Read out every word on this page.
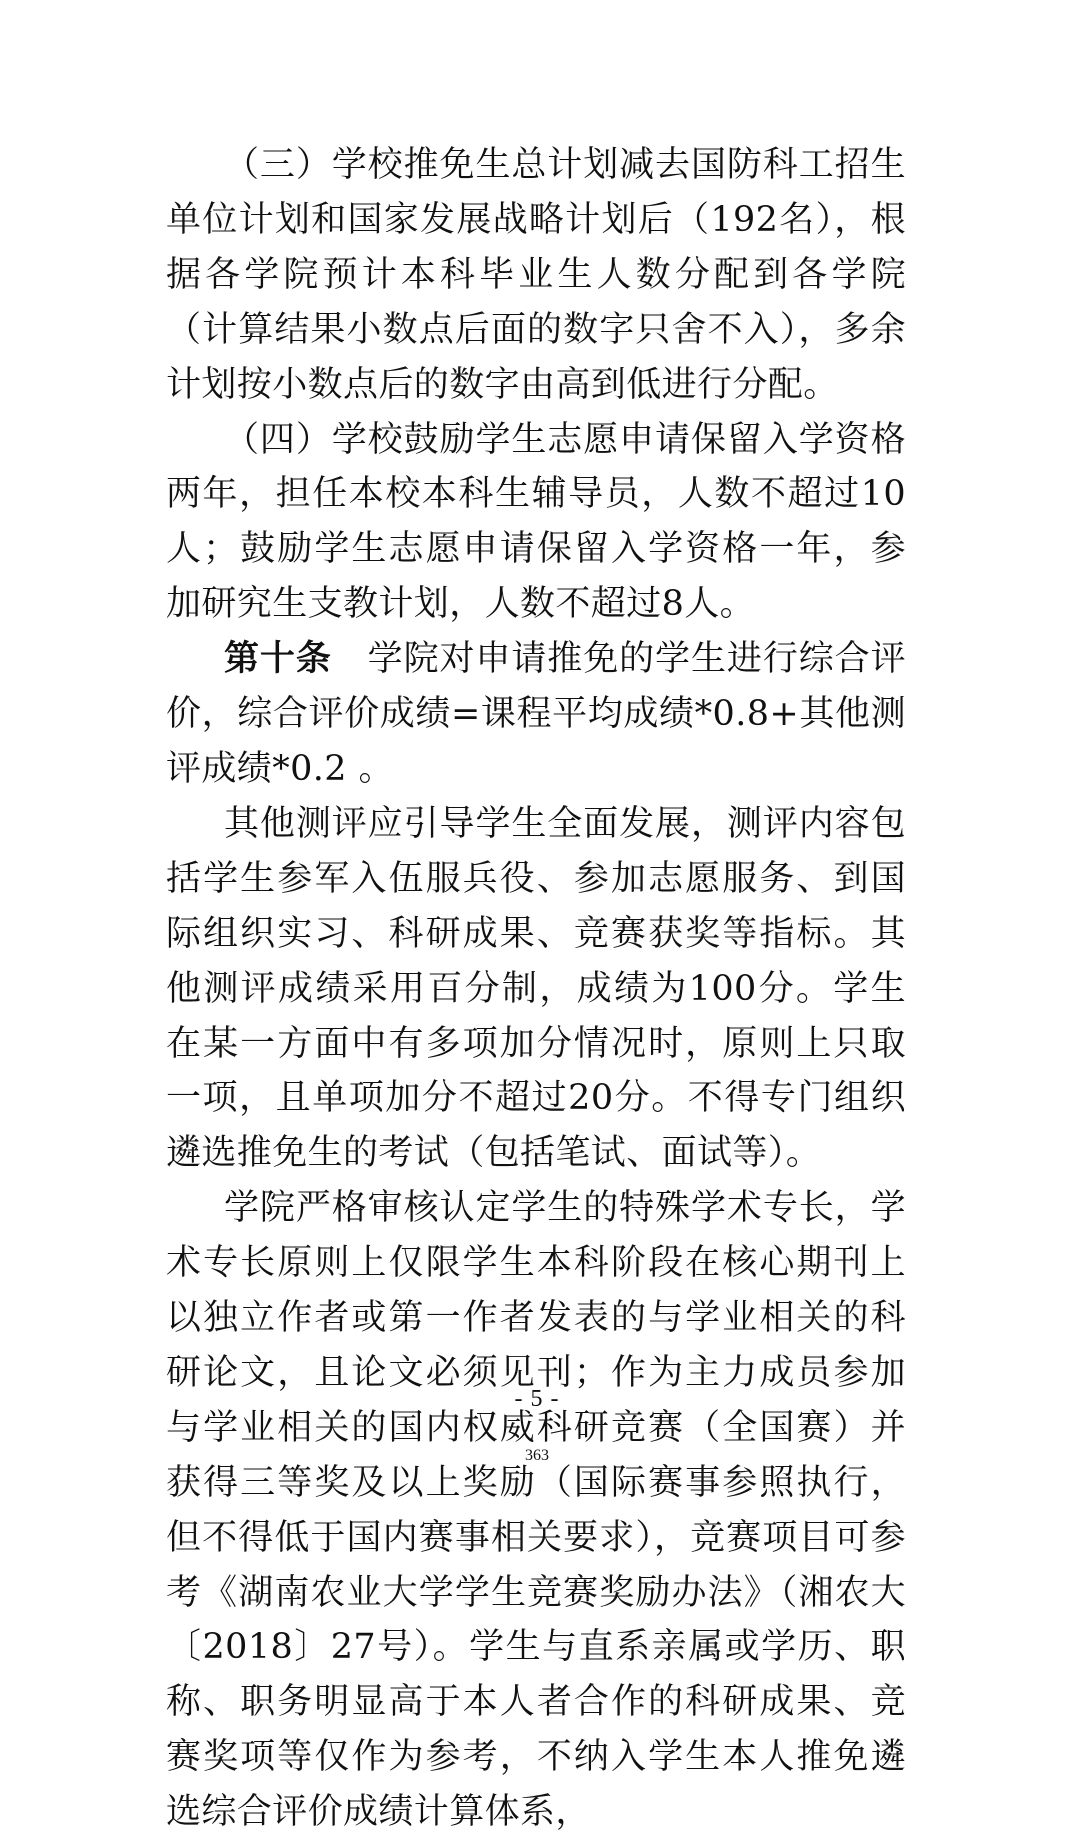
（三）学校推免生总计划减去国防科工招生单位计划和国家发展战略计划后（192名），根据各学院预计本科毕业生人数分配到各学院（计算结果小数点后面的数字只舍不入），多余计划按小数点后的数字由高到低进行分配。

（四）学校鼓励学生志愿申请保留入学资格两年，担任本校本科生辅导员，人数不超过10人；鼓励学生志愿申请保留入学资格一年，参加研究生支教计划，人数不超过8人。

第十条　学院对申请推免的学生进行综合评价，综合评价成绩=课程平均成绩*0.8+其他测评成绩*0.2 。

其他测评应引导学生全面发展，测评内容包括学生参军入伍服兵役、参加志愿服务、到国际组织实习、科研成果、竞赛获奖等指标。其他测评成绩采用百分制，成绩为100分。学生在某一方面中有多项加分情况时，原则上只取一项，且单项加分不超过20分。不得专门组织遴选推免生的考试（包括笔试、面试等）。

学院严格审核认定学生的特殊学术专长，学术专长原则上仅限学生本科阶段在核心期刊上以独立作者或第一作者发表的与学业相关的科研论文，且论文必须见刊；作为主力成员参加与学业相关的国内权威科研竞赛（全国赛）并获得三等奖及以上奖励（国际赛事参照执行，但不得低于国内赛事相关要求），竞赛项目可参考《湖南农业大学学生竞赛奖励办法》（湘农大〔2018〕27号）。学生与直系亲属或学历、职称、职务明显高于本人者合作的科研成果、竞赛奖项等仅作为参考，不纳入学生本人推免遴选综合评价成绩计算体系，

- 5 -
363
